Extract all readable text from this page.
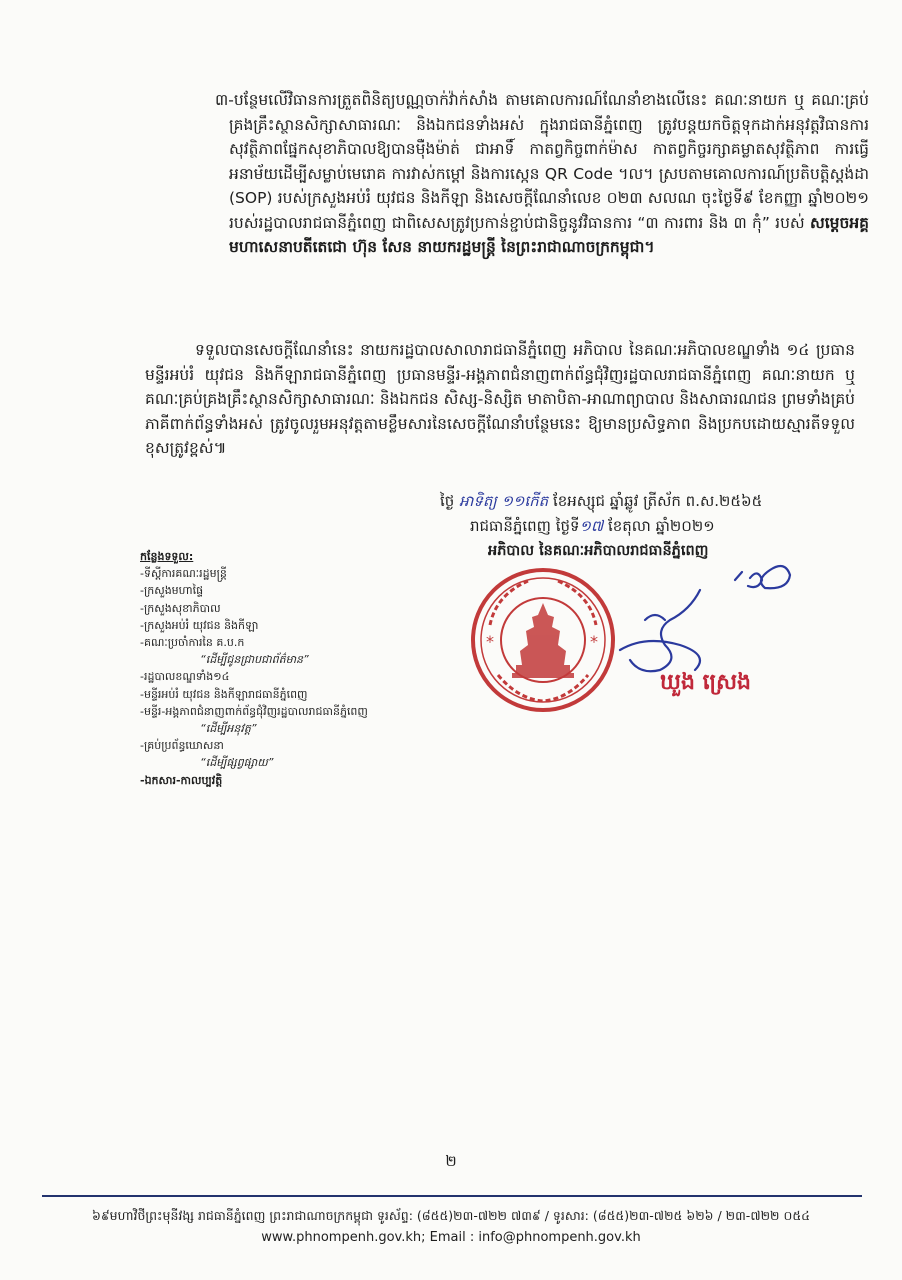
៣-បន្ថែមលើវិធានការត្រួតពិនិត្យបណ្ណចាក់វ៉ាក់សាំង តាមគោលការណ៍ណែនាំខាងលើនេះ គណៈនាយក ឬ គណៈគ្រប់គ្រងគ្រឹះស្ថានសិក្សាសាធារណៈ និងឯកជនទាំងអស់ ក្នុងរាជធានីភ្នំពេញ ត្រូវបន្តយកចិត្តទុកដាក់អនុវត្តវិធានការសុវត្ថិភាពផ្នែកសុខាភិបាលឱ្យបានម៉ឺងម៉ាត់ ជាអាទិ៍ កាតព្វកិច្ចពាក់ម៉ាស កាតព្វកិច្ចរក្សាគម្លាតសុវត្ថិភាព ការធ្វើអនាម័យដើម្បីសម្លាប់មេរោគ ការវាស់កម្ដៅ និងការស្កេន QR Code ។ល។ ស្របតាមគោលការណ៍ប្រតិបត្តិស្តង់ដា (SOP) របស់ក្រសួងអប់រំ យុវជន និងកីឡា និងសេចក្តីណែនាំលេខ ០២៣ សលណ ចុះថ្ងៃទី៩ ខែកញ្ញា ឆ្នាំ២០២១ របស់រដ្ឋបាលរាជធានីភ្នំពេញ ជាពិសេសត្រូវប្រកាន់ខ្ជាប់ជានិច្ចនូវវិធានការ “៣ ការពារ និង ៣ កុំ” របស់ សម្តេចអគ្គមហាសេនាបតីតេជោ ហ៊ុន សែន នាយករដ្ឋមន្ត្រី នៃព្រះរាជាណាចក្រកម្ពុជា។

ទទួលបានសេចក្តីណែនាំនេះ នាយករដ្ឋបាលសាលារាជធានីភ្នំពេញ អភិបាល នៃគណៈអភិបាលខណ្ឌទាំង ១៤ ប្រធានមន្ទីរអប់រំ យុវជន និងកីឡារាជធានីភ្នំពេញ ប្រធានមន្ទីរ-អង្គភាពជំនាញពាក់ព័ន្ធជុំវិញរដ្ឋបាលរាជធានីភ្នំពេញ គណៈនាយក ឬ គណៈគ្រប់គ្រងគ្រឹះស្ថានសិក្សាសាធារណៈ និងឯកជន សិស្ស-និស្សិត មាតាបិតា-អាណាព្យាបាល និងសាធារណជន ព្រមទាំងគ្រប់ភាគីពាក់ព័ន្ធទាំងអស់ ត្រូវចូលរួមអនុវត្តតាមខ្លឹមសារនៃសេចក្តីណែនាំបន្ថែមនេះ ឱ្យមានប្រសិទ្ធភាព និងប្រកបដោយស្មារតីទទួលខុសត្រូវខ្ពស់៕

ថ្ងៃ អាទិត្យ ១១កើត ខែអស្សុជ ឆ្នាំឆ្លូវ ត្រីស័ក ព.ស.២៥៦៥
រាជធានីភ្នំពេញ ថ្ងៃទី១៧ ខែតុលា ឆ្នាំ២០២១
អភិបាល នៃគណៈអភិបាលរាជធានីភ្នំពេញ
*	*
ឃួង ស្រេង
កន្លែងទទួល:
-ទីស្តីការគណៈរដ្ឋមន្ត្រី
-ក្រសួងមហាផ្ទៃ
-ក្រសួងសុខាភិបាល
-ក្រសួងអប់រំ យុវជន និងកីឡា
-គណៈប្រចាំការនៃ គ.ប.ក
“ដើម្បីជូនជ្រាបជាព័ត៌មាន”
-រដ្ឋបាលខណ្ឌទាំង១៤
-មន្ទីរអប់រំ យុវជន និងកីឡារាជធានីភ្នំពេញ
-មន្ទីរ-អង្គភាពជំនាញពាក់ព័ន្ធជុំវិញរដ្ឋបាលរាជធានីភ្នំពេញ
“ដើម្បីអនុវត្ត”
-គ្រប់ប្រព័ន្ធឃោសនា
“ដើម្បីផ្សព្វផ្សាយ”
-ឯកសារ-កាលប្បវត្តិ
២
៦៩មហាវិថីព្រះមុនីវង្ស រាជធានីភ្នំពេញ ព្រះរាជាណាចក្រកម្ពុជា ទូរស័ព្ទ: (៨៥៥)២៣-៧២២ ៧៣៩ / ទូរសារ: (៨៥៥)២៣-៧២៥ ៦២៦ / ២៣-៧២២ ០៥៤
www.phnompenh.gov.kh; Email : info@phnompenh.gov.kh
